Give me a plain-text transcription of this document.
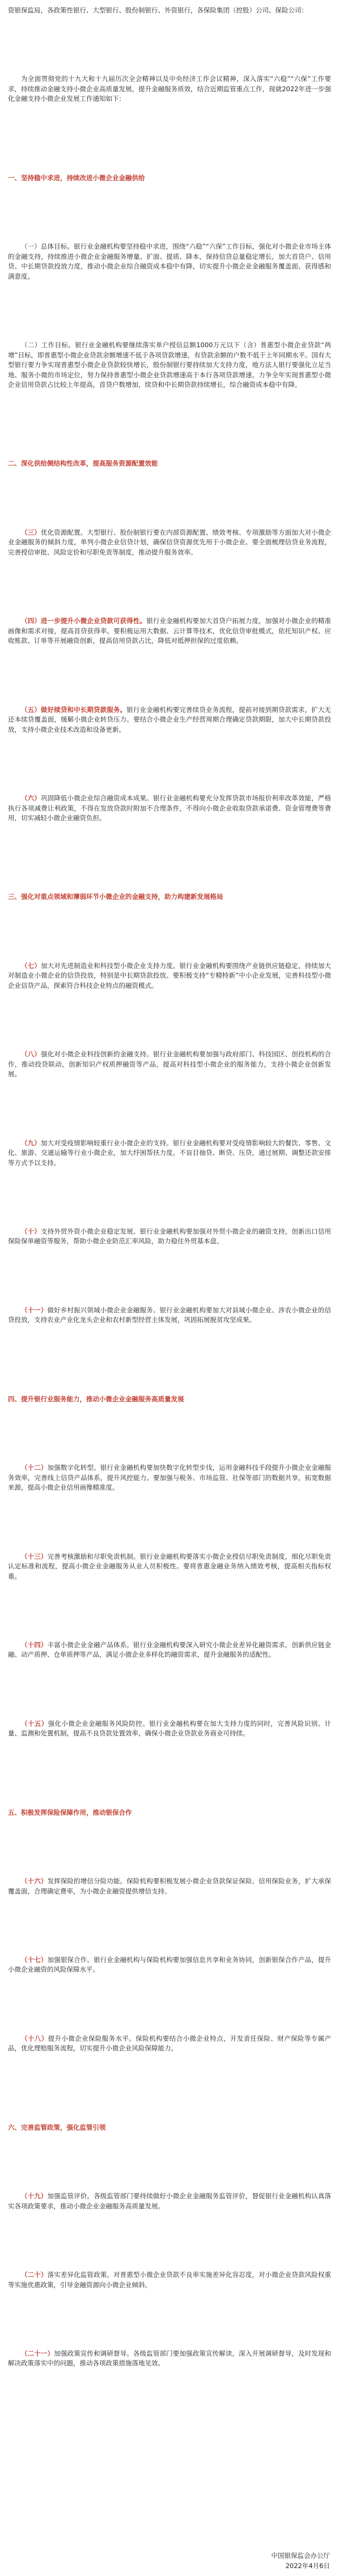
资银保监局，各政策性银行、大型银行、股份制银行、外资银行，各保险集团（控股）公司、保险公司：

为全面贯彻党的十九大和十九届历次全会精神以及中央经济工作会议精神，深入落实“六稳”“六保”工作要求，持续推动金融支持小微企业高质量发展，提升金融服务质效，结合近期监管重点工作，现就2022年进一步强化金融支持小微企业发展工作通知如下：

一、坚持稳中求进，持续改进小微企业金融供给

（一）总体目标。银行业金融机构要坚持稳中求进，围绕“六稳”“六保”工作目标，强化对小微企业市场主体的金融支持，持续推进小微企业金融服务增量、扩面、提质、降本，保持信贷总量稳定增长，加大首贷户、信用贷、中长期贷款投放力度，推动小微企业综合融资成本稳中有降，切实提升小微企业金融服务覆盖面、获得感和满意度。

（二）工作目标。银行业金融机构要继续落实单户授信总额1000万元以下（含）普惠型小微企业贷款“两增”目标，即普惠型小微企业贷款余额增速不低于各项贷款增速，有贷款余额的户数不低于上年同期水平。国有大型银行要力争实现普惠型小微企业贷款较快增长，股份制银行要持续加大支持力度，地方法人银行要强化立足当地、服务小微的市场定位，努力保持普惠型小微企业贷款增速高于本行各项贷款增速。力争全年实现普惠型小微企业信用贷款占比较上年提高，首贷户数增加，续贷和中长期贷款持续增长，综合融资成本稳中有降。

二、深化供给侧结构性改革，提高服务资源配置效能

（三）优化资源配置。大型银行、股份制银行要在内部资源配置、绩效考核、专项激励等方面加大对小微企业金融服务的倾斜力度，单列小微企业信贷计划，确保信贷资源优先用于小微企业。要全面梳理信贷业务流程，完善授信审批、风险定价和尽职免责等制度，推动提升服务效率。

（四）进一步提升小微企业贷款可获得性。银行业金融机构要加大首贷户拓展力度，加强对小微企业的精准画像和需求对接，提高首贷获得率。要积极运用大数据、云计算等技术，优化信贷审批模式，依托知识产权、应收账款、订单等开展融资创新，提高信用贷款占比，降低对抵押担保的过度依赖。

（五）做好续贷和中长期贷款服务。银行业金融机构要完善续贷业务流程，提前对接到期贷款需求，扩大无还本续贷覆盖面，缓解小微企业转贷压力。要结合小微企业生产经营周期合理确定贷款期限，加大中长期贷款投放，支持小微企业技术改造和设备更新。

（六）巩固降低小微企业综合融资成本成果。银行业金融机构要充分发挥贷款市场报价利率改革效能，严格执行各项减费让利政策，不得在发放贷款时附加不合理条件，不得向小微企业收取贷款承诺费、资金管理费等费用，切实减轻小微企业融资负担。

三、强化对重点领域和薄弱环节小微企业的金融支持，助力构建新发展格局

（七）加大对先进制造业和科技型小微企业支持力度。银行业金融机构要围绕产业链供应链稳定，持续加大对制造业小微企业的信贷投放，特别是中长期贷款投放。要积极支持“专精特新”中小企业发展，完善科技型小微企业信贷产品，探索符合科技企业特点的融资模式。

（八）强化对小微企业科技创新的金融支持。银行业金融机构要加强与政府部门、科技园区、创投机构的合作，推动投贷联动，创新知识产权质押融资等产品，提高对科技型小微企业的服务能力，支持小微企业创新发展。

（九）加大对受疫情影响较重行业小微企业的支持。银行业金融机构要对受疫情影响较大的餐饮、零售、文化、旅游、交通运输等行业小微企业，加大纾困帮扶力度，不盲目抽贷、断贷、压贷，通过展期、调整还款安排等方式予以支持。

（十）支持外贸外资小微企业稳定发展。银行业金融机构要加强对外贸小微企业的融资支持，创新出口信用保险保单融资等服务，帮助小微企业防范汇率风险，助力稳住外贸基本盘。

（十一）做好乡村振兴领域小微企业金融服务。银行业金融机构要加大对县域小微企业、涉农小微企业的信贷投放，支持农业产业化龙头企业和农村新型经营主体发展，巩固拓展脱贫攻坚成果。

四、提升银行业服务能力，推动小微企业金融服务高质量发展

（十二）加强数字化转型。银行业金融机构要加快数字化转型步伐，运用金融科技手段提升小微企业金融服务效率，完善线上信贷产品体系，提升风控能力。要加强与税务、市场监管、社保等部门的数据共享，拓宽数据来源，提高小微企业信用画像精准度。

（十三）完善考核激励和尽职免责机制。银行业金融机构要落实小微企业授信尽职免责制度，细化尽职免责认定标准和流程，提高小微企业金融服务从业人员积极性。要将普惠金融业务纳入绩效考核，提高相关指标权重。

（十四）丰富小微企业金融产品体系。银行业金融机构要深入研究小微企业差异化融资需求，创新供应链金融、动产质押、仓单质押等产品，满足小微企业多样化的融资需求，提升金融服务的适配性。

（十五）强化小微企业金融服务风险防控。银行业金融机构要在加大支持力度的同时，完善风险识别、计量、监测和处置机制，提高不良贷款处置效率，确保小微企业贷款业务商业可持续。

五、积极发挥保险保障作用，推动银保合作

（十六）发挥保险的增信分险功能。保险机构要积极发展小微企业贷款保证保险、信用保险业务，扩大承保覆盖面，合理确定费率，为小微企业融资提供增信支持。

（十七）加强银保合作。银行业金融机构与保险机构要加强信息共享和业务协同，创新银保合作产品，提升小微企业融资的风险保障水平。

（十八）提升小微企业保险服务水平。保险机构要结合小微企业特点，开发责任保险、财产保险等专属产品，优化理赔服务流程，切实提升小微企业风险保障能力。

六、完善监管政策，强化监管引领

（十九）加强监管评价。各级监管部门要持续做好小微企业金融服务监管评价，督促银行业金融机构认真落实各项政策要求，推动小微企业金融服务高质量发展。

（二十）落实差异化监管政策。对普惠型小微企业贷款不良率实施差异化容忍度，对小微企业贷款风险权重等实施优惠政策，引导金融资源向小微企业倾斜。

（二十一）加强政策宣传和调研督导。各级监管部门要加强政策宣传解读，深入开展调研督导，及时发现和解决政策落实中的问题，推动各项政策措施落地见效。

中国银保监会办公厅
2022年4月6日
